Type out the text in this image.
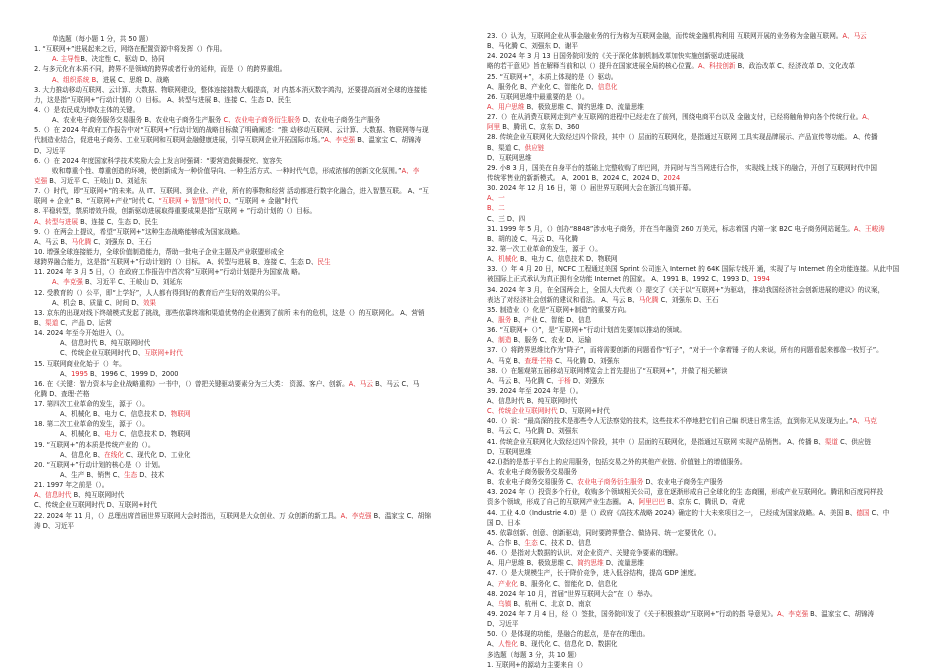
单选题（每小题 1 分，共 50 题）
1. “互联网+”进展起来之后，网络在配置资源中将发挥（）作用。
A. 主导性B、决定性 C、驱动 D、协同
2. 与多元化有本质不同，跨界不是领域的跨界或者行业的延伸，而是（）的跨界重组。
A、组织系统 B、进展 C、思维 D、战略
3. 大力推动移动互联网、云计算、大数据、物联网建设，整体连接拙数大幅提高，对 内基本消灭数字鸿沟，还要提高面对全球的连接能
力，这是指“互联网+”行动计划的（）目标。 A、转型与进展 B、连接 C、生态 D、民生
4.（）是农民成为增收主体的关键。
A、农业电子商务服务交易服务 B、农业电子商务生产服务 C、农业电子商务衍生服务 D、农业电子商务生产服务
5.（）在 2024 年政府工作报告中对“互联网+”行动计划的战略目标做了明确阐述：“推 动移动互联网、云计算、大数据、物联网等与现
代制造业结合，促进电子商务、工业互联网和互联网金融健康进展，引导互联网企业开拓国际市场。”A、李克强 B、温家宝 C、胡锦涛
D、习近平
6.（）在 2024 年度国家科学技术奖励大会上发言时强调：“要营造鼓舞探究、宽容失
败和尊重个性、尊重创造的环境，使创新成为一种价值导向、一种生活方式、一种时代气息，形成浓郁的创新文化氛围。”A、李
克强 B、习近平 C、王岐山 D、刘延东
7.（）时代，即“互联网+”的未来。从 IT、互联网、到企业、产业，所有的事物和经营 活动都进行数字化融合，进入智慧互联。 A、“互
联网 + 企业” B、“互联网+产业”时代 C、“互联网 + 智慧”时代 D、“互联网 + 金融”时代
8. 平稳转型，禁质增效升级，创新驱动进展取得重要成果是指“互联网 + ”行动计划的（）目标。
A、转型与进展 B、连接 C、生态 D、民生
9.（）在两会上提议，希望“互联网+”这种生态战略能够成为国家战略。
A、马云 B、马化腾 C、刘强东 D、王石
10. 增强全球连接能力，全球价值制造能力，帮助一批电子企业主题及产业联盟形成全
球跨界融合能力，这是指“互联网+”行动计划的（）目标。 A、转型与进展 B、连接 C、生态 D、民生
11. 2024 年 3 月 5 日，（）在政府工作报告中首次将“互联网+”行动计划提升为国家战 略。
A、李克强 B、习近平 C、王岐山 D、刘延东
12. 受教育的（）公平，即“上学好”，人人都有得到好的教育后产生好的效果的公平。
A、机会 B、质量 C、时间 D、效果
13. 京东的出现对线下终端模式发起了挑战，那些依靠终端和渠道优势的企业遇到了前所 未有的危机，这是（）的互联网化。 A、营销
B、渠道 C、产品 D、运营
14. 2024 年至今开始进入（）。
A、信息时代 B、纯互联网时代
C、传统企业互联网时代 D、互联网+时代
15. 互联网商业化始于（）年。
A、1995 B、1996 C、1999 D、2000
16. 在《关键：智力资本与企业战略重构》一书中，（）曾把关键驱动要素分为三大类： 资源、客户、创新。A、马云 B、马云 C、马
化腾 D、查理·芒格
17. 第四次工业革命的发生，源于（）。
A、机械化 B、电力 C、信息技术 D、物联网
18. 第二次工业革命的发生，源于（）。
A、机械化 B、电力 C、信息技术 D、物联网
19. “互联网+”的本质是传统产业的（）。
A、信息化 B、在线化 C、现代化 D、工业化
20. “互联网+”行动计划的核心是（）计划。
A、生产 B、销售 C、生态 D、技术
21. 1997 年之前是（）。
A、信息时代 B、纯互联网时代
C、传统企业互联网时代 D、互联网+时代
22. 2024 年 11 月，（）总理出席首届世界互联网大会时指出，互联网是大众创业、万 众创新的新工具。A、李克强 B、温家宝 C、胡锦
涛 D、习近平
23.（）认为，互联网企业从事金融业务的行为称为互联网金融，而传统金融机构利用 互联网开展的业务称为金融互联网。A、马云
B、马化腾 C、刘强东 D、谢平
24. 2024 年 3 月 13 日国务院印发的《关于深化体制机制改革加快实施创新驱动进展战
略的若干意见》旨在解释当前和以（）提升在国家进展全局的核心位置。A、科技创新 B、政治改革 C、经济改革 D、文化改革
25. “互联网+”，本质上体现的是（）驱动。
A、服务化 B、产业化 C、智能化 D、信息化
26. 互联网思维中最重要的是（）。
A、用户思维 B、极致思维 C、简约思维 D、流量思维
27.（）在从消费互联网走到产业互联网的进程中已经走在了前列，围绕电商平台以及 金融支付，已经将触角伸向各个传统行业。A、
阿里 B、腾讯 C、京东 D、360
28. 传统企业互联网化大致经过四个阶段，其中（）层面的互联网化，是指通过互联网 工具实现品牌展示、产品宣传等功能。 A、传播
B、渠道 C、供应链
D、互联网思维
29. 小8 3 月，国美在自身平台的基础上完整收购了库巴网，并同时与当当网进行合作， 实现线上线下的融合，开创了互联网时代中国
传统零售业的新新模式。 A、2001 B、2024 C、2024 D、2024
30. 2024 年 12 月 16 日，第（）届世界互联网大会在浙江乌镇开幕。
A、一
B、二
C、三 D、四
31. 1999 年 5 月，（）创办“8848”涉水电子商务，并在当年融资 260 万美元，标志着国 内第一家 B2C 电子商务网站诞生。A、王峻涛
B、胡的凌 C、马云 D、马化腾
32. 第一次工业革命的发生，源于（）。
A、机械化 B、电力 C、信息技术 D、物联网
33.（）年 4 月 20 日，NCFC 工程通过美国 Sprint 公司连入 Internet 的 64K 国际专线开 通，实现了与 Internet 的全功能连接。从此中国
被国际上正式承认为真正拥有全功能 Internet 的国家。 A、1991 B、1992 C、1993 D、1994
34. 2024 年 3 月，在全国两会上，全国人大代表（）提交了《关于以“互联网+”为驱动， 推动我国经济社会创新进展的建议》的议案，
表达了对经济社会创新的建议和看法。 A、马云 B、马化腾 C、刘强东 D、王石
35. 制造业（）化是“互联网+制造”的重要方向。
A、服务 B、产业 C、智能 D、信息
36. “互联网+（）”，是“互联网+”行动计划首先要加以推动的领域。
A、制造 B、服务 C、农业 D、运输
37.（）将跨界思维比作为“降子”，而将需要创新的问题看作“钉子”，“对于一个拿着锤 子的人来说，所有的问题看起来都像一枚钉子”。
A、马克 B、查理·芒格 C、马化腾 D、刘强东
38.（）在题观第五届移动互联网博览会上首先提出了“互联网+”，并做了相关解读
A、马云 B、马化腾 C、于杨 D、刘强东
39. 2024 年至 2024 年是（）。
A、信息时代 B、纯互联网时代
C、传统企业互联网时代 D、互联网+时代
40.（）说：“最高深的技术是那些令人无法察觉的技术，这些技术不停地把它们自己编 织进日常生活，直到你无从发现为止。”A、马克
B、马云 C、马化腾 D、刘强东
41. 传统企业互联网化大致经过四个阶段，其中（）层面的互联网化，是指通过互联网 实现产品销售。 A、传播 B、渠道 C、供应链
D、互联网思维
42.()指的是基于平台上的应用服务，包括交易之外的其他产业链、价值链上的增值服务。
A、农业电子商务服务交易服务
B、农业电子商务交易服务 C、农业电子商务衍生服务 D、农业电子商务生产服务
43. 2024 年（）投资多个行业，收购多个领域相关公司，意在逐渐形成自己全球化的生 态商圈，形成产业互联网化。腾讯和百度同样投
资多个领域，形成了自己的互联网产业生态圈。 A、阿里巴巴 B、京东 C、腾讯 D、奇虎
44. 工业 4.0（Industrie 4.0）是（）政府《高技术战略 2024》确定的十大未来项目之一， 已经成为国家战略。A、美国 B、德国 C、中
国 D、日本
45. 依靠创新、创意、创新驱动，同时要跨界整合、做协同、统一定要优化（）。
A、合作 B、生态 C、技术 D、信息
46.（）是指对大数据的认识、对企业资产、关键竞争要素的理解。
A、用户思维 B、极致思维 C、简约思维 D、流量思维
47.（）是大规模生产，长于降价竞争，进入低谷结构，提高 GDP 速度。
A、产业化 B、服务化 C、智能化 D、信息化
48. 2024 年 10 月，首届“世界互联网大会”在（）举办。
A、乌镇 B、杭州 C、北京 D、南京
49. 2024 年 7 月 4 日，经（）签批，国务院印发了《关于积极推动“互联网+”行动的指 导意见》。A、李克强 B、温家宝 C、胡锦涛
D、习近平
50.（）是体现的功能，是融合的起点，是存在的理由。
A、人性化 B、现代化 C、信息化 D、数据化
多选题（每题 3 分，共 10 题）
1. 互联网+的源动力主要来自（）
